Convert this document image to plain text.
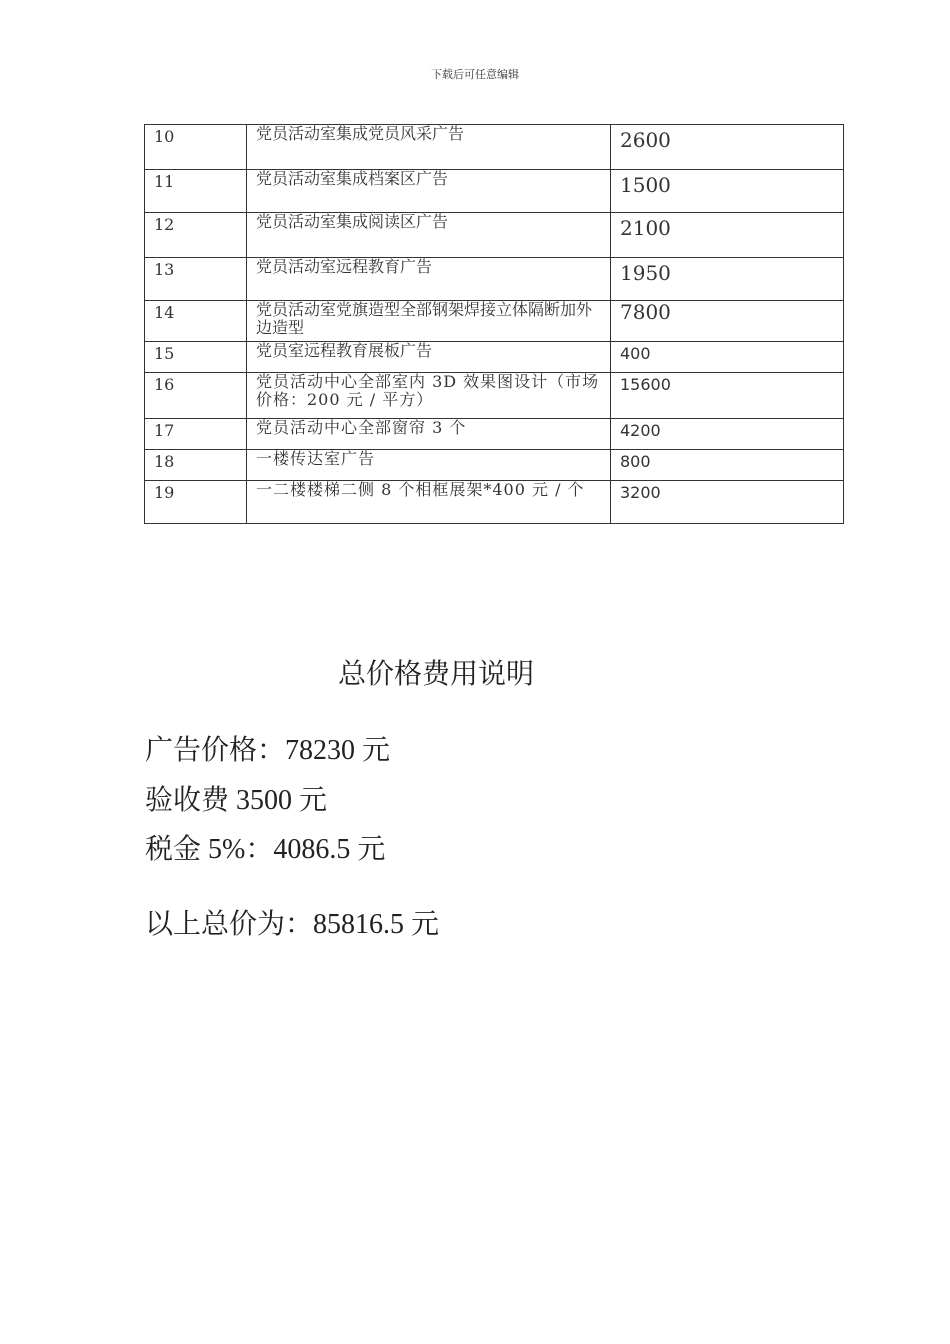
下载后可任意编辑
10	党员活动室集成党员风采广告	2600
11	党员活动室集成档案区广告	1500
12	党员活动室集成阅读区广告	2100
13	党员活动室远程教育广告	1950
14	党员活动室党旗造型全部钢架焊接立体隔断加外边造型	7800
15	党员室远程教育展板广告	400
16	党员活动中心全部室内 3D 效果图设计（市场价格：200 元 / 平方）	15600
17	党员活动中心全部窗帘 3 个	4200
18	一楼传达室广告	800
19	一二楼楼梯二侧 8 个相框展架*400 元 / 个	3200
总价格费用说明
广告价格：78230 元
验收费 3500 元
税金 5%：4086.5 元
以上总价为：85816.5 元
